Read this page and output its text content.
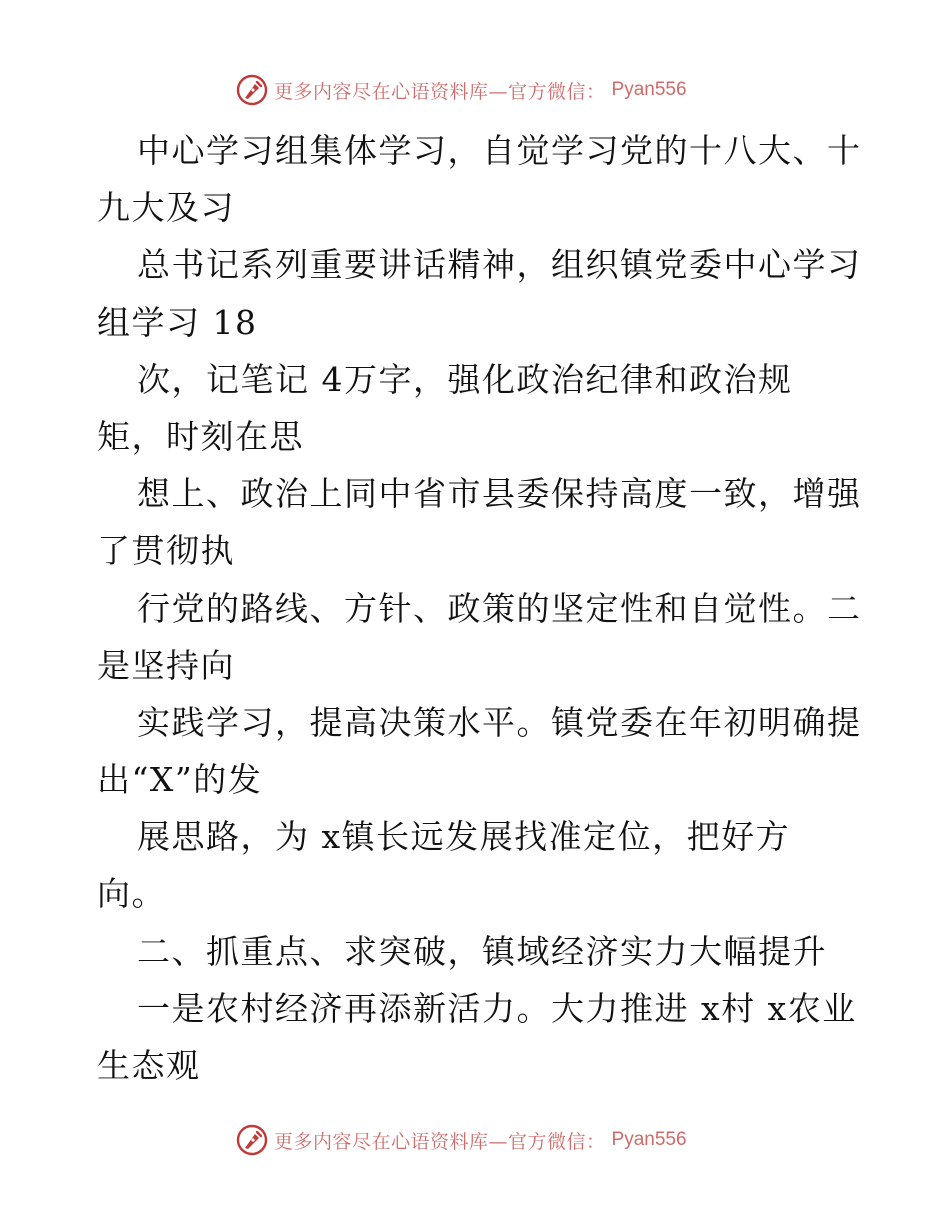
更多内容尽在心语资料库—官方微信： Pyan556
中心学习组集体学习，自觉学习党的十八大、十
九大及习
总书记系列重要讲话精神，组织镇党委中心学习
组学习 18
次，记笔记 4万字，强化政治纪律和政治规
矩，时刻在思
想上、政治上同中省市县委保持高度一致，增强
了贯彻执
行党的路线、方针、政策的坚定性和自觉性。二
是坚持向
实践学习，提高决策水平。镇党委在年初明确提
出“X”的发
展思路，为 x镇长远发展找准定位，把好方
向。
二、抓重点、求突破，镇域经济实力大幅提升
一是农村经济再添新活力。大力推进 x村 x农业
生态观
更多内容尽在心语资料库—官方微信： Pyan556
